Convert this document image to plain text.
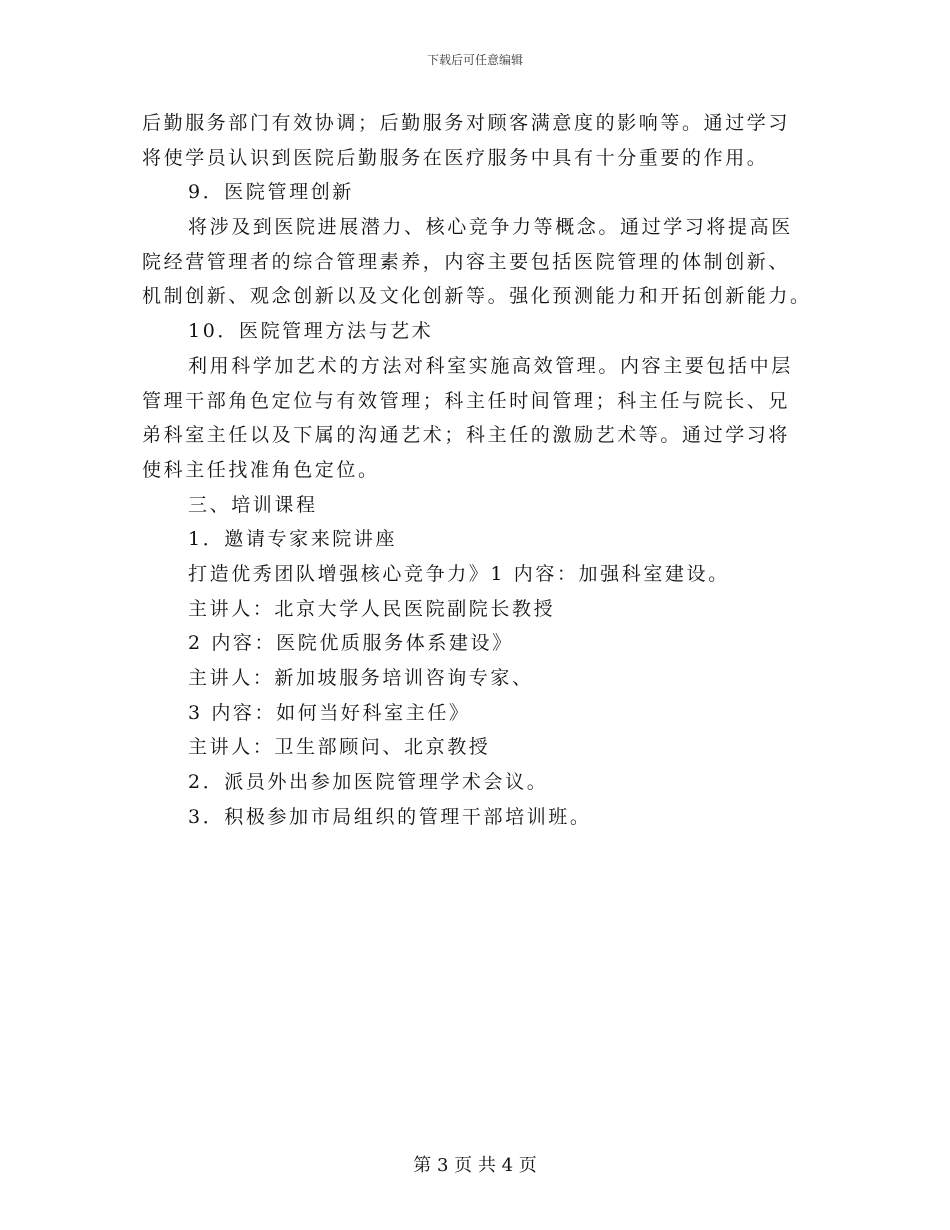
下载后可任意编辑
后勤服务部门有效协调；后勤服务对顾客满意度的影响等。通过学习
将使学员认识到医院后勤服务在医疗服务中具有十分重要的作用。
9．医院管理创新
将涉及到医院进展潜力、核心竞争力等概念。通过学习将提高医
院经营管理者的综合管理素养，内容主要包括医院管理的体制创新、
机制创新、观念创新以及文化创新等。强化预测能力和开拓创新能力。
10．医院管理方法与艺术
利用科学加艺术的方法对科室实施高效管理。内容主要包括中层
管理干部角色定位与有效管理；科主任时间管理；科主任与院长、兄
弟科室主任以及下属的沟通艺术；科主任的激励艺术等。通过学习将
使科主任找准角色定位。
三、培训课程
1．邀请专家来院讲座
打造优秀团队增强核心竞争力》1 内容：加强科室建设。
主讲人：北京大学人民医院副院长教授
2 内容：医院优质服务体系建设》
主讲人：新加坡服务培训咨询专家、
3 内容：如何当好科室主任》
主讲人：卫生部顾问、北京教授
2．派员外出参加医院管理学术会议。
3．积极参加市局组织的管理干部培训班。
第 3 页 共 4 页
